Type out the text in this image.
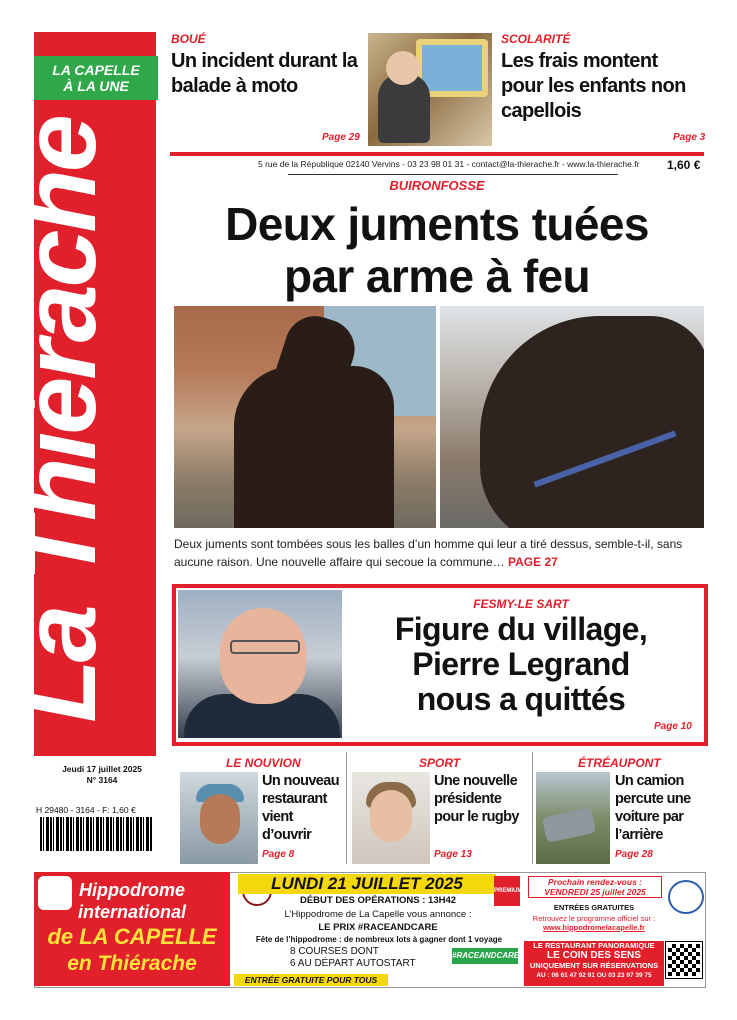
La Thiérache
LA CAPELLE
À LA UNE
BOUÉ
Un incident durant la balade à moto
Page 29
SCOLARITÉ
Les frais montent pour les enfants non capellois
Page 3
5 rue de la République 02140 Vervins - 03 23 98 01 31 - contact@la-thierache.fr - www.la-thierache.fr 1,60 €
BUIRONFOSSE
Deux juments tuées
par arme à feu
Deux juments sont tombées sous les balles d’un homme qui leur a tiré dessus, semble-t-il, sans aucune raison. Une nouvelle affaire qui secoue la commune… PAGE 27
FESMY-LE SART
Figure du village,
Pierre Legrand
nous a quittés
Page 10
Jeudi 17 juillet 2025
N° 3164
H 29480 - 3164 - F: 1,60 €
LE NOUVION
Un nouveau restaurant vient d’ouvrir
Page 8
SPORT
Une nouvelle présidente pour le rugby
Page 13
ÉTRÉAUPONT
Un camion percute une voiture par l’arrière
Page 28
Hippodrome
international
de LA CAPELLE
en Thiérache
LUNDI 21 JUILLET 2025	PREMIUM
DÉBUT DES OPÉRATIONS : 13H42
L’Hippodrome de La Capelle vous annonce :
LE PRIX #RACEANDCARE
Fête de l’hippodrome : de nombreux lots à gagner dont 1 voyage
8 COURSES DONT
6 AU DÉPART AUTOSTART
#RACEANDCARE
ENTRÉE GRATUITE POUR TOUS
Prochain rendez-vous :
VENDREDI 25 juillet 2025
ENTRÉES GRATUITES
Retrouvez le programme officiel sur :
www.hippodromelacapelle.fr
LE RESTAURANT PANORAMIQUE
LE COIN DES SENS
UNIQUEMENT SUR RÉSERVATIONS
AU : 06 61 47 92 91 OU 03 23 97 39 75
